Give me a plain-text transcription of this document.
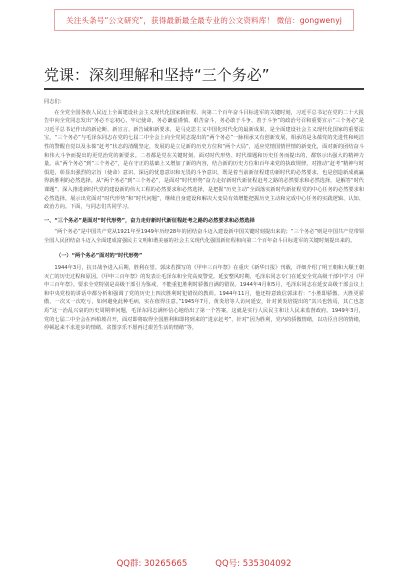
关注头条号“公文研究”，获得最新最全最专业的公文资料库！ 微信：gongwenyj
党课：深刻理解和坚持“三个务必”

同志们：

在全党全国各族人民迈上全面建设社会主义现代化国家新征程、向第二个百年奋斗目标进军的关键时刻，习近平总书记在党的二十大报告中向全党同志发出“务必不忘初心、牢记使命，务必谦虚谨慎、艰苦奋斗，务必敢于斗争、善于斗争”的政治号召和重要宣示“三个务必”是习近平总书记作出的新论断、新宣言、新告诫和新要求，是马克思主义中国化时代化的最新成果，是全面建设社会主义现代化国家的重要法宝。“三个务必”与毛泽东同志在党的七届二中全会上向全党同志提出的“两个务必”一脉相承又有创新发展，相承的是永葆党的先进性和纯洁性的警醒自觉以及永葆“赶考”状态的清醒坚定，发展的是立足新的历史方位和“两个大局”，适应党情国情世情的新变化，面对新的团结奋斗和伟大斗争而提出的更党治党的新要求。二者都是党在关键时刻、面对时代形势、时代课题和历史任务而提出的，都察示出强大的精神力量。从“两个务必”到“三个务必”，是在守正的基础上又增加了新的内容，结合新的历史方位和百年来党的执政规律，对推动“赶考”精神与时俱进，彰显出强烈的宗旨（使命）意识、深远的忧患意识和无畏的斗争意识，既是着当前新征程建功新时代的必然要求，也是创造新成就赢得新胜利的必然选择。从“两个务必”到“三个务必”，是面对“时代形势”奋力走好新时代新征程赶考之路的必然要求和必然选择，是解答“时代课题”、深入推进新时代党的建设新的伟大工程的必然要求和必然选择，是把握“历史主动”全面落实新时代新征程党的中心任务的必然要求和必然选择。展示出党面对“时代形势”和“时代问题”，继续自身建设和解决大变局有效增能把握历史主动和完成中心任务的实践逻辑、认知、政治方向。下面，与同志们共同学习。

一、“三个务必”是面对“时代形势”，奋力走好新时代新征程赶考之路的必然要求和必然选择

“两个务必”是中国共产党从1921年至1949年历经28年的团结奋斗迈入建设新中国关键时刻提出来的；“三个务必”则是中国共产党带领全国人民团结奋斗迈入全面建成富强民主文明和谐美丽的社会主义现代化强国新征程和向第二个百年奋斗目标进军的关键时刻提出来的。

（一）“两个务必”面对的“时代形势”

1944年3月，抗日战争进入后期，胜利在望。郭沫若撰写的《甲申三百年祭》在重庆《新华日报》刊载，详细介绍了明王朝和大顺王朝灭亡的历史过程和原因。《甲申三百年祭》的发表让毛泽东和全党高度警觉。延安整风时期，毛泽东同志专门在延安全党高级干部中学习《甲申三百年祭》。要求全党特别是高级干部引为鉴戒，不能重犯胜利时骄傲自满的错误。1944年4月和5月，毛泽东同志在延安高级干部会议上和中央党校的讲话中都分析和强调了党的历史上四次胜利时犯错误的教训。1944年11月，他还特意致信郭沫若：“小胜即骄傲、大胜更骄傲，一次又一次吃亏，如何避免此种毛病，实在值得注意。”1945年7月，黄炎培等人访问延安，针对黄炎培提出的“其兴也勃焉，其亡也忽焉”这一治乱兴衰的历史周期率问题，毛泽东同志满怀信心地给出了第一个答案，这就是实行人民民主和让人民来监督政府。1949年3月，党的七届二中全会在西柏坡召开，面对即将取得全国胜利和即将到来的“进京赶考”，针对“因为胜利，党内的骄傲情绪，以功臣自居的情绪，停顿起来不求进步的情绪，贪图享乐不愿再过艰苦生活的情绪”等，

QQ群: 30265665	QQ号: 535304092
